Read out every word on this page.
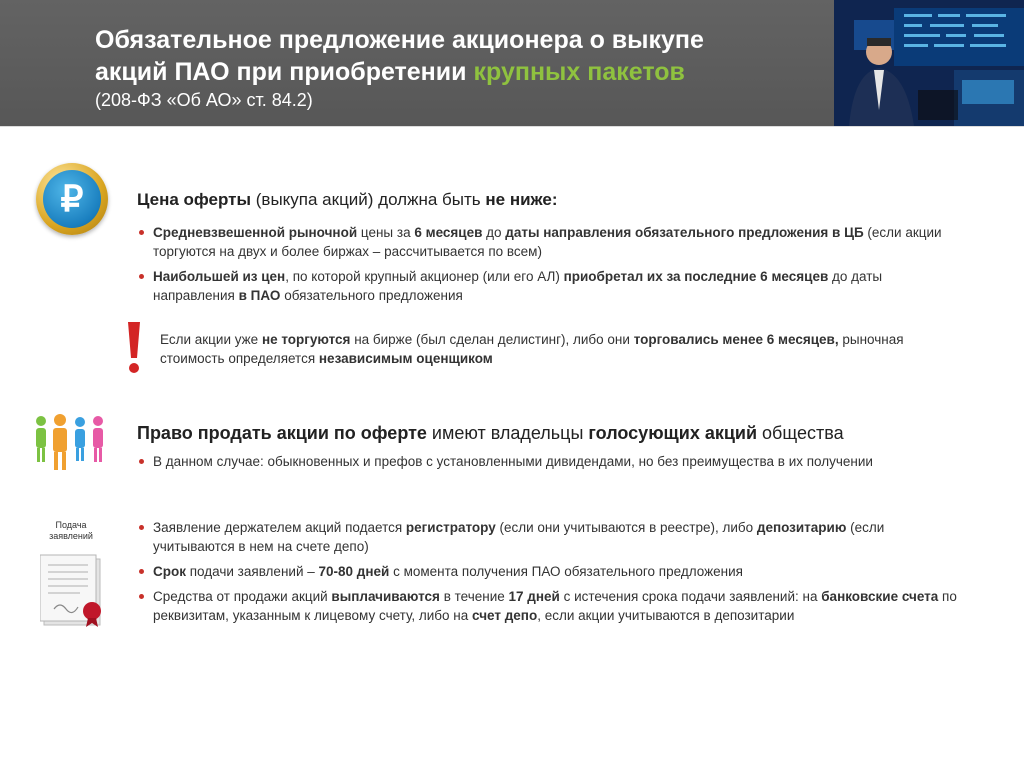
Обязательное предложение акционера о выкупе
акций ПАО при приобретении крупных пакетов
(208-ФЗ «Об АО» ст. 84.2)
₽	Цена оферты (выкупа акций) должна быть не ниже:
Средневзвешенной рыночной цены за 6 месяцев до даты направления обязательного предложения в ЦБ (если акции торгуются на двух и более биржах – рассчитывается по всем)
Наибольшей из цен, по которой крупный акционер (или его АЛ) приобретал их за последние 6 месяцев до даты направления в ПАО обязательного предложения
Если акции уже не торгуются на бирже (был сделан делистинг), либо они торговались менее 6 месяцев, рыночная стоимость определяется независимым оценщиком
Право продать акции по оферте имеют владельцы голосующих акций общества
В данном случае: обыкновенных и префов с установленными дивидендами, но без преимущества в их получении
Подача заявлений
Заявление держателем акций подается регистратору (если они учитываются в реестре), либо депозитарию (если учитываются в нем на счете депо)
Срок подачи заявлений – 70-80 дней с момента получения ПАО обязательного предложения
Средства от продажи акций выплачиваются в течение 17 дней с истечения срока подачи заявлений: на банковские счета по реквизитам, указанным к лицевому счету, либо на счет депо, если акции учитываются в депозитарии
